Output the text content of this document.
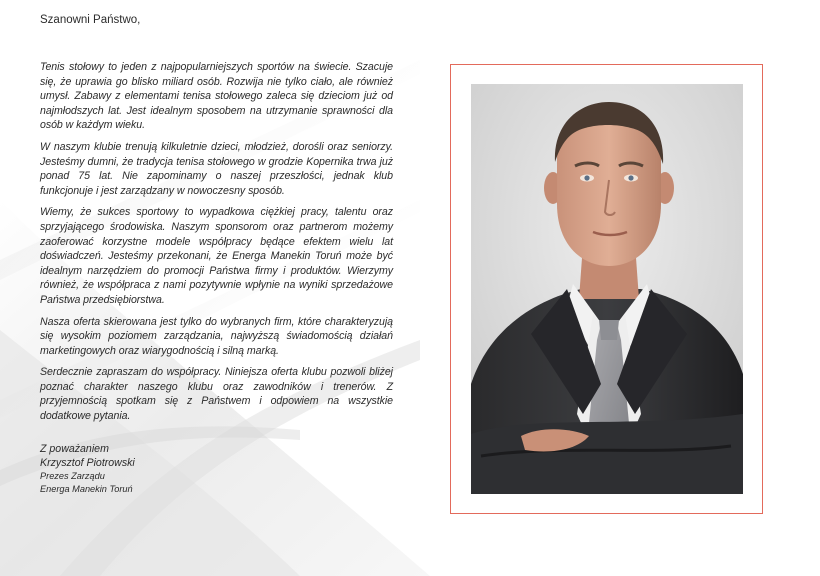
Szanowni Państwo,

Tenis stołowy to jeden z najpopularniejszych sportów na świecie. Szacuje się, że uprawia go blisko miliard osób. Rozwija nie tylko ciało, ale również umysł. Zabawy z elementami tenisa stołowego zaleca się dzieciom już od najmłodszych lat. Jest idealnym sposobem na utrzymanie sprawności dla osób w każdym wieku.

W naszym klubie trenują kilkuletnie dzieci, młodzież, dorośli oraz seniorzy. Jesteśmy dumni, że tradycja tenisa stołowego w grodzie Kopernika trwa już ponad 75 lat. Nie zapominamy o naszej przeszłości, jednak klub funkcjonuje i jest zarządzany w nowoczesny sposób.

Wiemy, że sukces sportowy to wypadkowa ciężkiej pracy, talentu oraz sprzyjającego środowiska. Naszym sponsorom oraz partnerom możemy zaoferować korzystne modele współpracy będące efektem wielu lat doświadczeń. Jesteśmy przekonani, że Energa Manekin Toruń może być idealnym narzędziem do promocji Państwa firmy i produktów. Wierzymy również, że współpraca z nami pozytywnie wpłynie na wyniki sprzedażowe Państwa przedsiębiorstwa.

Nasza oferta skierowana jest tylko do wybranych firm, które charakteryzują się wysokim poziomem zarządzania, najwyższą świadomością działań marketingowych oraz wiarygodnością i silną marką.

Serdecznie zapraszam do współpracy. Niniejsza oferta klubu pozwoli bliżej poznać charakter naszego klubu oraz zawodników i trenerów. Z przyjemnością spotkam się z Państwem i odpowiem na wszystkie dodatkowe pytania.

Z poważaniem
Krzysztof Piotrowski
Prezes Zarządu
Energa Manekin Toruń
